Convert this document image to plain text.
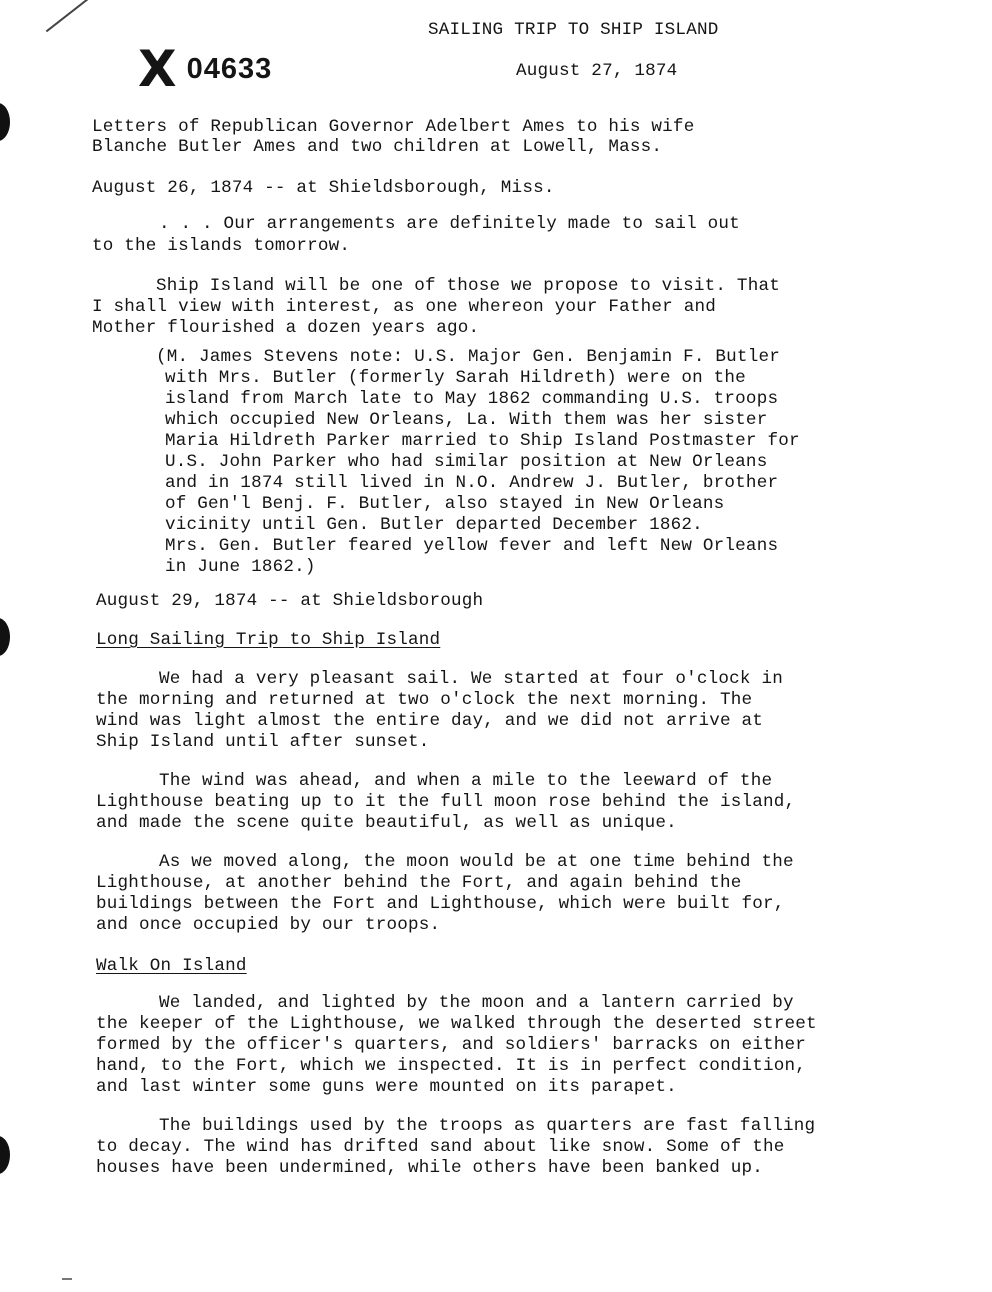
SAILING TRIP TO SHIP ISLAND
X 04633	August 27, 1874
Letters of Republican Governor Adelbert Ames to his wife
Blanche Butler Ames and two children at Lowell, Mass.
August 26, 1874 -- at Shieldsborough, Miss.
. . . Our arrangements are definitely made to sail out
to the islands tomorrow.
Ship Island will be one of those we propose to visit. That
I shall view with interest, as one whereon your Father and
Mother flourished a dozen years ago.
(M. James Stevens note: U.S. Major Gen. Benjamin F. Butler
with Mrs. Butler (formerly Sarah Hildreth) were on the
island from March late to May 1862 commanding U.S. troops
which occupied New Orleans, La. With them was her sister
Maria Hildreth Parker married to Ship Island Postmaster for
U.S. John Parker who had similar position at New Orleans
and in 1874 still lived in N.O. Andrew J. Butler, brother
of Gen'l Benj. F. Butler, also stayed in New Orleans
vicinity until Gen. Butler departed December 1862.
Mrs. Gen. Butler feared yellow fever and left New Orleans
in June 1862.)
August 29, 1874 -- at Shieldsborough
Long Sailing Trip to Ship Island
We had a very pleasant sail. We started at four o'clock in
the morning and returned at two o'clock the next morning. The
wind was light almost the entire day, and we did not arrive at
Ship Island until after sunset.
The wind was ahead, and when a mile to the leeward of the
Lighthouse beating up to it the full moon rose behind the island,
and made the scene quite beautiful, as well as unique.
As we moved along, the moon would be at one time behind the
Lighthouse, at another behind the Fort, and again behind the
buildings between the Fort and Lighthouse, which were built for,
and once occupied by our troops.
Walk On Island
We landed, and lighted by the moon and a lantern carried by
the keeper of the Lighthouse, we walked through the deserted street
formed by the officer's quarters, and soldiers' barracks on either
hand, to the Fort, which we inspected. It is in perfect condition,
and last winter some guns were mounted on its parapet.
The buildings used by the troops as quarters are fast falling
to decay. The wind has drifted sand about like snow. Some of the
houses have been undermined, while others have been banked up.
